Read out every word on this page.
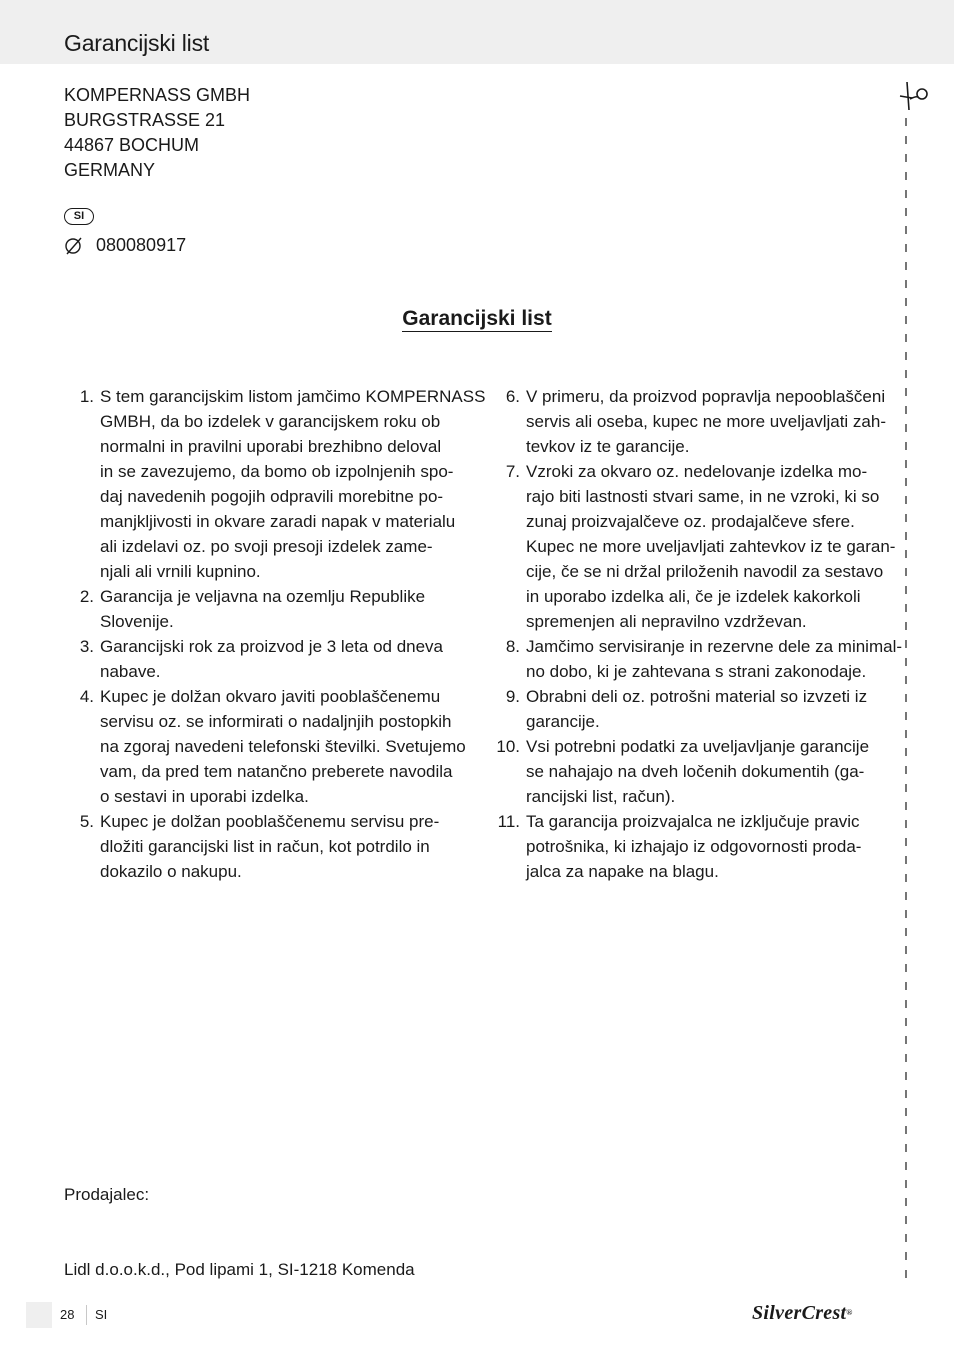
Garancijski list
KOMPERNASS GMBH
BURGSTRASSE 21
44867 BOCHUM
GERMANY
SI
080080917
Garancijski list
1. S tem garancijskim listom jamčimo KOMPERNASS
GMBH, da bo izdelek v garancijskem roku ob
normalni in pravilni uporabi brezhibno deloval
in se zavezujemo, da bomo ob izpolnjenih spo-
daj navedenih pogojih odpravili morebitne po-
manjkljivosti in okvare zaradi napak v materialu
ali izdelavi oz. po svoji presoji izdelek zame-
njali ali vrnili kupnino.
2. Garancija je veljavna na ozemlju Republike
Slovenije.
3. Garancijski rok za proizvod je 3 leta od dneva
nabave.
4. Kupec je dolžan okvaro javiti pooblaščenemu
servisu oz. se informirati o nadaljnjih postopkih
na zgoraj navedeni telefonski številki. Svetujemo
vam, da pred tem natančno preberete navodila
o sestavi in uporabi izdelka.
5. Kupec je dolžan pooblaščenemu servisu pre-
dložiti garancijski list in račun, kot potrdilo in
dokazilo o nakupu.
6. V primeru, da proizvod popravlja nepooblaščeni
servis ali oseba, kupec ne more uveljavljati zah-
tevkov iz te garancije.
7. Vzroki za okvaro oz. nedelovanje izdelka mo-
rajo biti lastnosti stvari same, in ne vzroki, ki so
zunaj proizvajalčeve oz. prodajalčeve sfere.
Kupec ne more uveljavljati zahtevkov iz te garan-
cije, če se ni držal priloženih navodil za sestavo
in uporabo izdelka ali, če je izdelek kakorkoli
spremenjen ali nepravilno vzdrževan.
8. Jamčimo servisiranje in rezervne dele za minimal-
no dobo, ki je zahtevana s strani zakonodaje.
9. Obrabni deli oz. potrošni material so izvzeti iz
garancije.
10. Vsi potrebni podatki za uveljavljanje garancije
se nahajajo na dveh ločenih dokumentih (ga-
rancijski list, račun).
11. Ta garancija proizvajalca ne izključuje pravic
potrošnika, ki izhajajo iz odgovornosti proda-
jalca za napake na blagu.
Prodajalec:
Lidl d.o.o.k.d., Pod lipami 1, SI-1218 Komenda
28 SI	SilverCrest®
